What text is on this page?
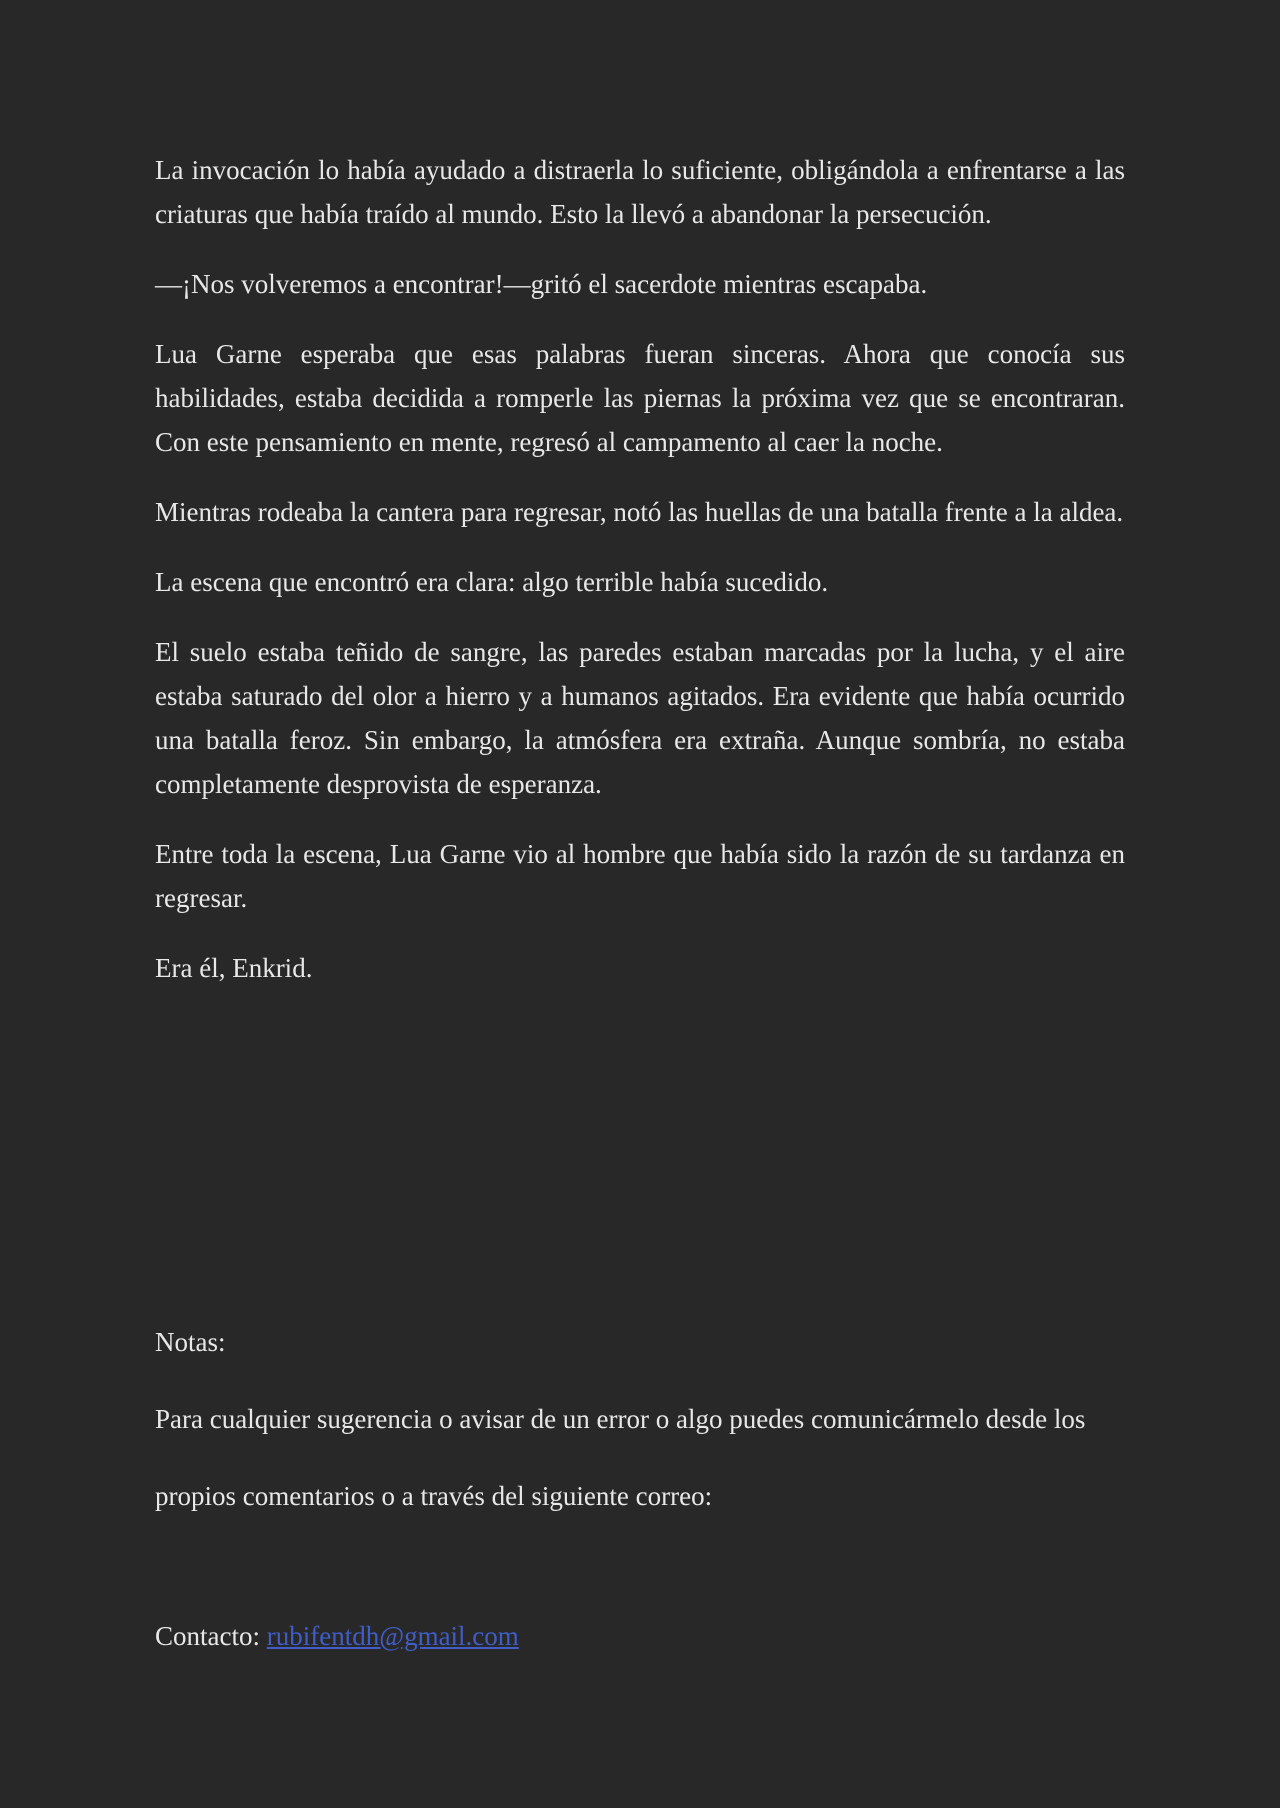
La invocación lo había ayudado a distraerla lo suficiente, obligándola a enfrentarse a las criaturas que había traído al mundo. Esto la llevó a abandonar la persecución.

—¡Nos volveremos a encontrar!—gritó el sacerdote mientras escapaba.

Lua Garne esperaba que esas palabras fueran sinceras. Ahora que conocía sus habilidades, estaba decidida a romperle las piernas la próxima vez que se encontraran. Con este pensamiento en mente, regresó al campamento al caer la noche.

Mientras rodeaba la cantera para regresar, notó las huellas de una batalla frente a la aldea.

La escena que encontró era clara: algo terrible había sucedido.

El suelo estaba teñido de sangre, las paredes estaban marcadas por la lucha, y el aire estaba saturado del olor a hierro y a humanos agitados. Era evidente que había ocurrido una batalla feroz. Sin embargo, la atmósfera era extraña. Aunque sombría, no estaba completamente desprovista de esperanza.

Entre toda la escena, Lua Garne vio al hombre que había sido la razón de su tardanza en regresar.

Era él, Enkrid.

Notas:

Para cualquier sugerencia o avisar de un error o algo puedes comunicármelo desde los

propios comentarios o a través del siguiente correo:

Contacto: rubifentdh@gmail.com
